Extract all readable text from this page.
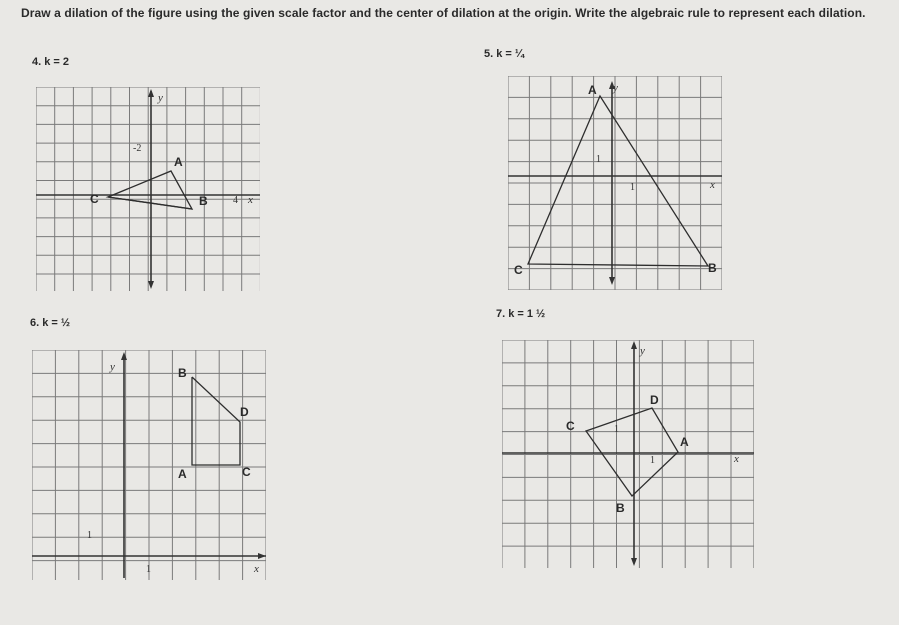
Draw a dilation of the figure using the given scale factor and the center of dilation at the origin. Write the algebraic rule to represent each dilation.
4. k = 2
5. k = ¼
6. k = ½
7. k = 1 ½
y
x
-2
4
A
B
C
y
x
1
1
A
B
C
y
x
1
1
B
D
A	C
y
x
1
1
D
C
A
B
